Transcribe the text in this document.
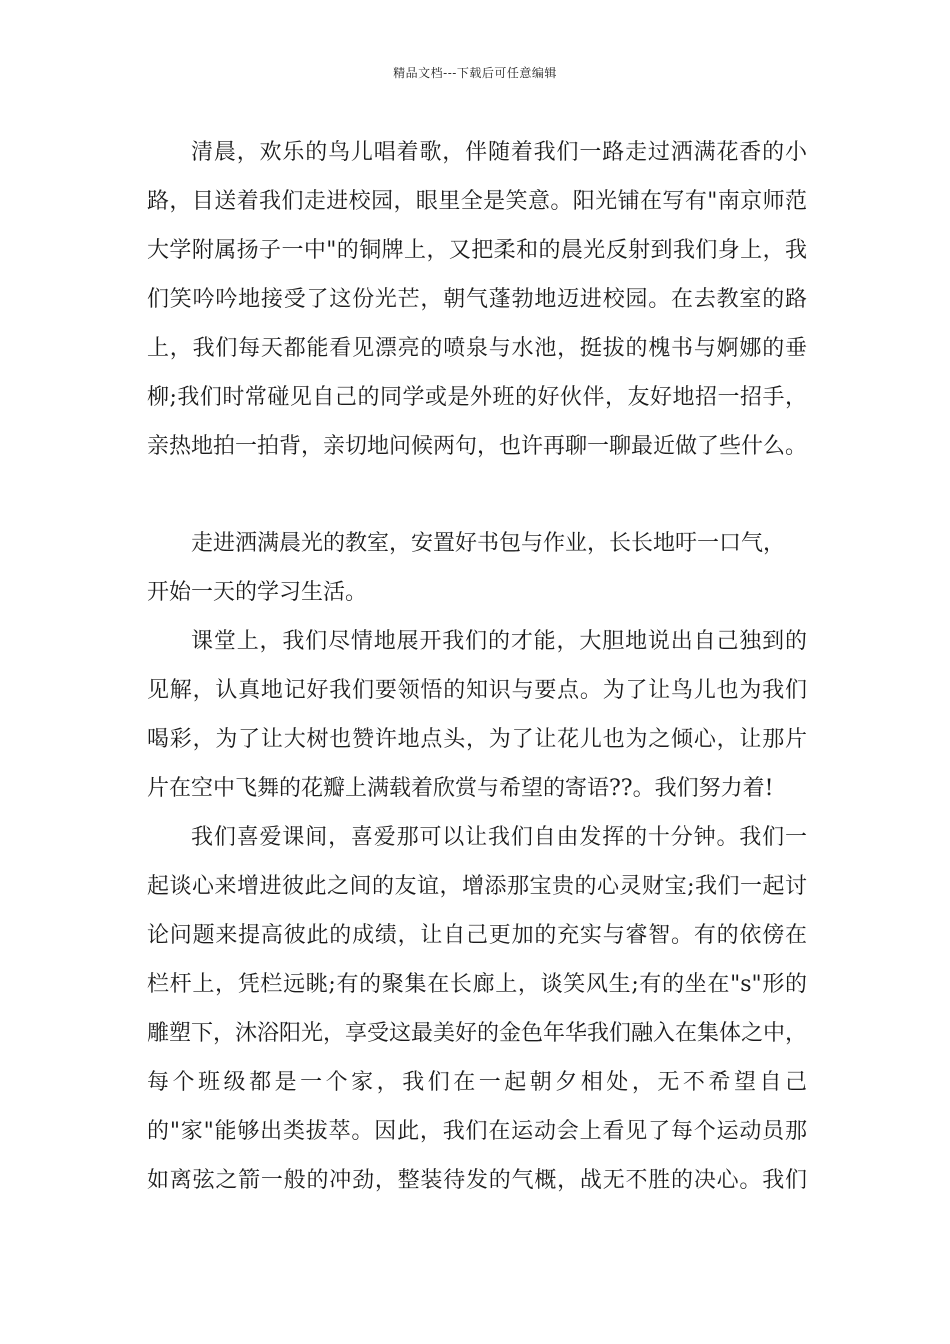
精品文档---下载后可任意编辑
清晨，欢乐的鸟儿唱着歌，伴随着我们一路走过洒满花香的小
路，目送着我们走进校园，眼里全是笑意。阳光铺在写有"南京师范
大学附属扬子一中"的铜牌上，又把柔和的晨光反射到我们身上，我
们笑吟吟地接受了这份光芒，朝气蓬勃地迈进校园。在去教室的路
上，我们每天都能看见漂亮的喷泉与水池，挺拔的槐书与婀娜的垂
柳;我们时常碰见自己的同学或是外班的好伙伴，友好地招一招手，
亲热地拍一拍背，亲切地问候两句，也许再聊一聊最近做了些什么。
走进洒满晨光的教室，安置好书包与作业，长长地吁一口气，
开始一天的学习生活。
课堂上，我们尽情地展开我们的才能，大胆地说出自己独到的
见解，认真地记好我们要领悟的知识与要点。为了让鸟儿也为我们
喝彩，为了让大树也赞许地点头，为了让花儿也为之倾心，让那片
片在空中飞舞的花瓣上满载着欣赏与希望的寄语??。我们努力着!
我们喜爱课间，喜爱那可以让我们自由发挥的十分钟。我们一
起谈心来增进彼此之间的友谊，增添那宝贵的心灵财宝;我们一起讨
论问题来提高彼此的成绩，让自己更加的充实与睿智。有的依傍在
栏杆上，凭栏远眺;有的聚集在长廊上，谈笑风生;有的坐在"s"形的
雕塑下，沐浴阳光，享受这最美好的金色年华我们融入在集体之中，
每个班级都是一个家，我们在一起朝夕相处，无不希望自己
的"家"能够出类拔萃。因此，我们在运动会上看见了每个运动员那
如离弦之箭一般的冲劲，整装待发的气概，战无不胜的决心。我们
